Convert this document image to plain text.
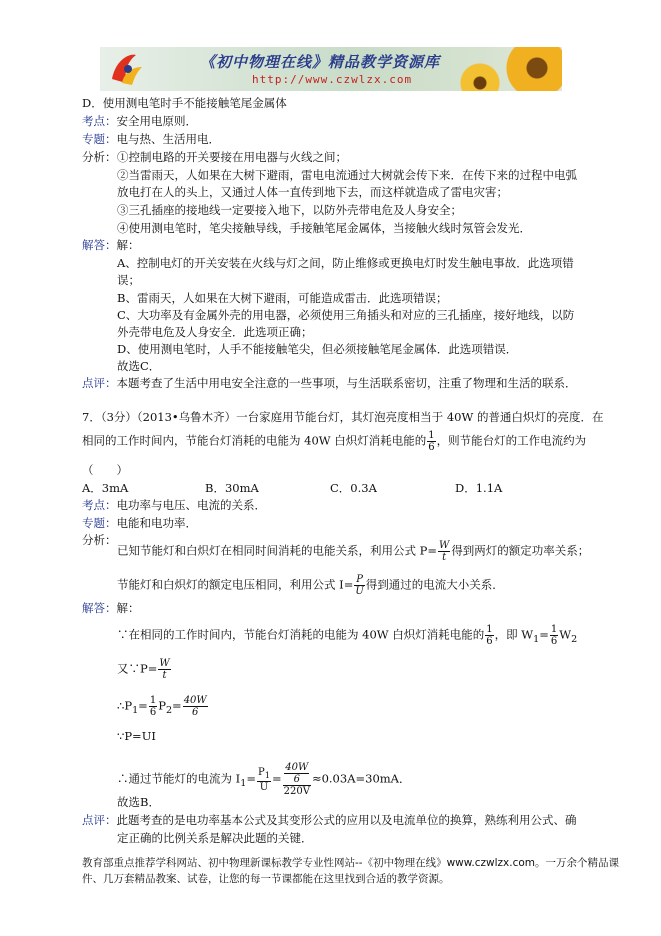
《初中物理在线》精品教学资源库
http://www.czwlzx.com
D．使用测电笔时手不能接触笔尾金属体
考点：安全用电原则．
专题：电与热、生活用电．
分析： ①控制电路的开关要接在用电器与火线之间；
②当雷雨天，人如果在大树下避雨，雷电电流通过大树就会传下来．在传下来的过程中电弧
放电打在人的头上，又通过人体一直传到地下去，而这样就造成了雷电灾害；
③三孔插座的接地线一定要接入地下，以防外壳带电危及人身安全；
④使用测电笔时，笔尖接触导线，手接触笔尾金属体，当接触火线时氖管会发光．
解答：解：
A、控制电灯的开关安装在火线与灯之间，防止维修或更换电灯时发生触电事故．此选项错
误；
B、雷雨天，人如果在大树下避雨，可能造成雷击．此选项错误；
C、大功率及有金属外壳的用电器，必须使用三角插头和对应的三孔插座，接好地线，以防
外壳带电危及人身安全．此选项正确；
D、使用测电笔时，人手不能接触笔尖，但必须接触笔尾金属体．此选项错误．
故选C．
点评：本题考查了生活中用电安全注意的一些事项，与生活联系密切，注重了物理和生活的联系．
7．（3分）（2013•乌鲁木齐）一台家庭用节能台灯，其灯泡亮度相当于 40W 的普通白炽灯的亮度．在
相同的工作时间内，节能台灯消耗的电能为 40W 白炽灯消耗电能的 $\frac{1}{6}$ ，则节能台灯的工作电流约为
（　　）
A．3mA	B．30mA	C．0.3A	D．1.1A
考点：电功率与电压、电流的关系．
专题：电能和电功率．
分析：
已知节能灯和白炽灯在相同时间消耗的电能关系，利用公式 $P= \frac{W}{t}$ 得到两灯的额定功率关系；
节能灯和白炽灯的额定电压相同，利用公式 $I= \frac{P}{U}$ 得到通过的电流大小关系．
解答：解：
∵在相同的工作时间内，节能台灯消耗的电能为 40W 白炽灯消耗电能的 $\frac{1}{6}$ ，即 $W_1= \frac{1}{6} W_2$
又∵P= $\frac{W}{t}$
$\therefore P_1= \frac{1}{6} P_2= \frac{40W}{6}$
∵P=UI
∴通过节能灯的电流为 $I_1= \frac{P_1}{U} = \frac{\frac{40W}{6}}{220V} \approx 0.03A=30mA$．
故选B．
点评：此题考查的是电功率基本公式及其变形公式的应用以及电流单位的换算，熟练利用公式、确
定正确的比例关系是解决此题的关键．
教育部重点推荐学科网站、初中物理新课标教学专业性网站--《初中物理在线》www.czwlzx.com。一万余个精品课
件、几万套精品教案、试卷，让您的每一节课都能在这里找到合适的教学资源。
